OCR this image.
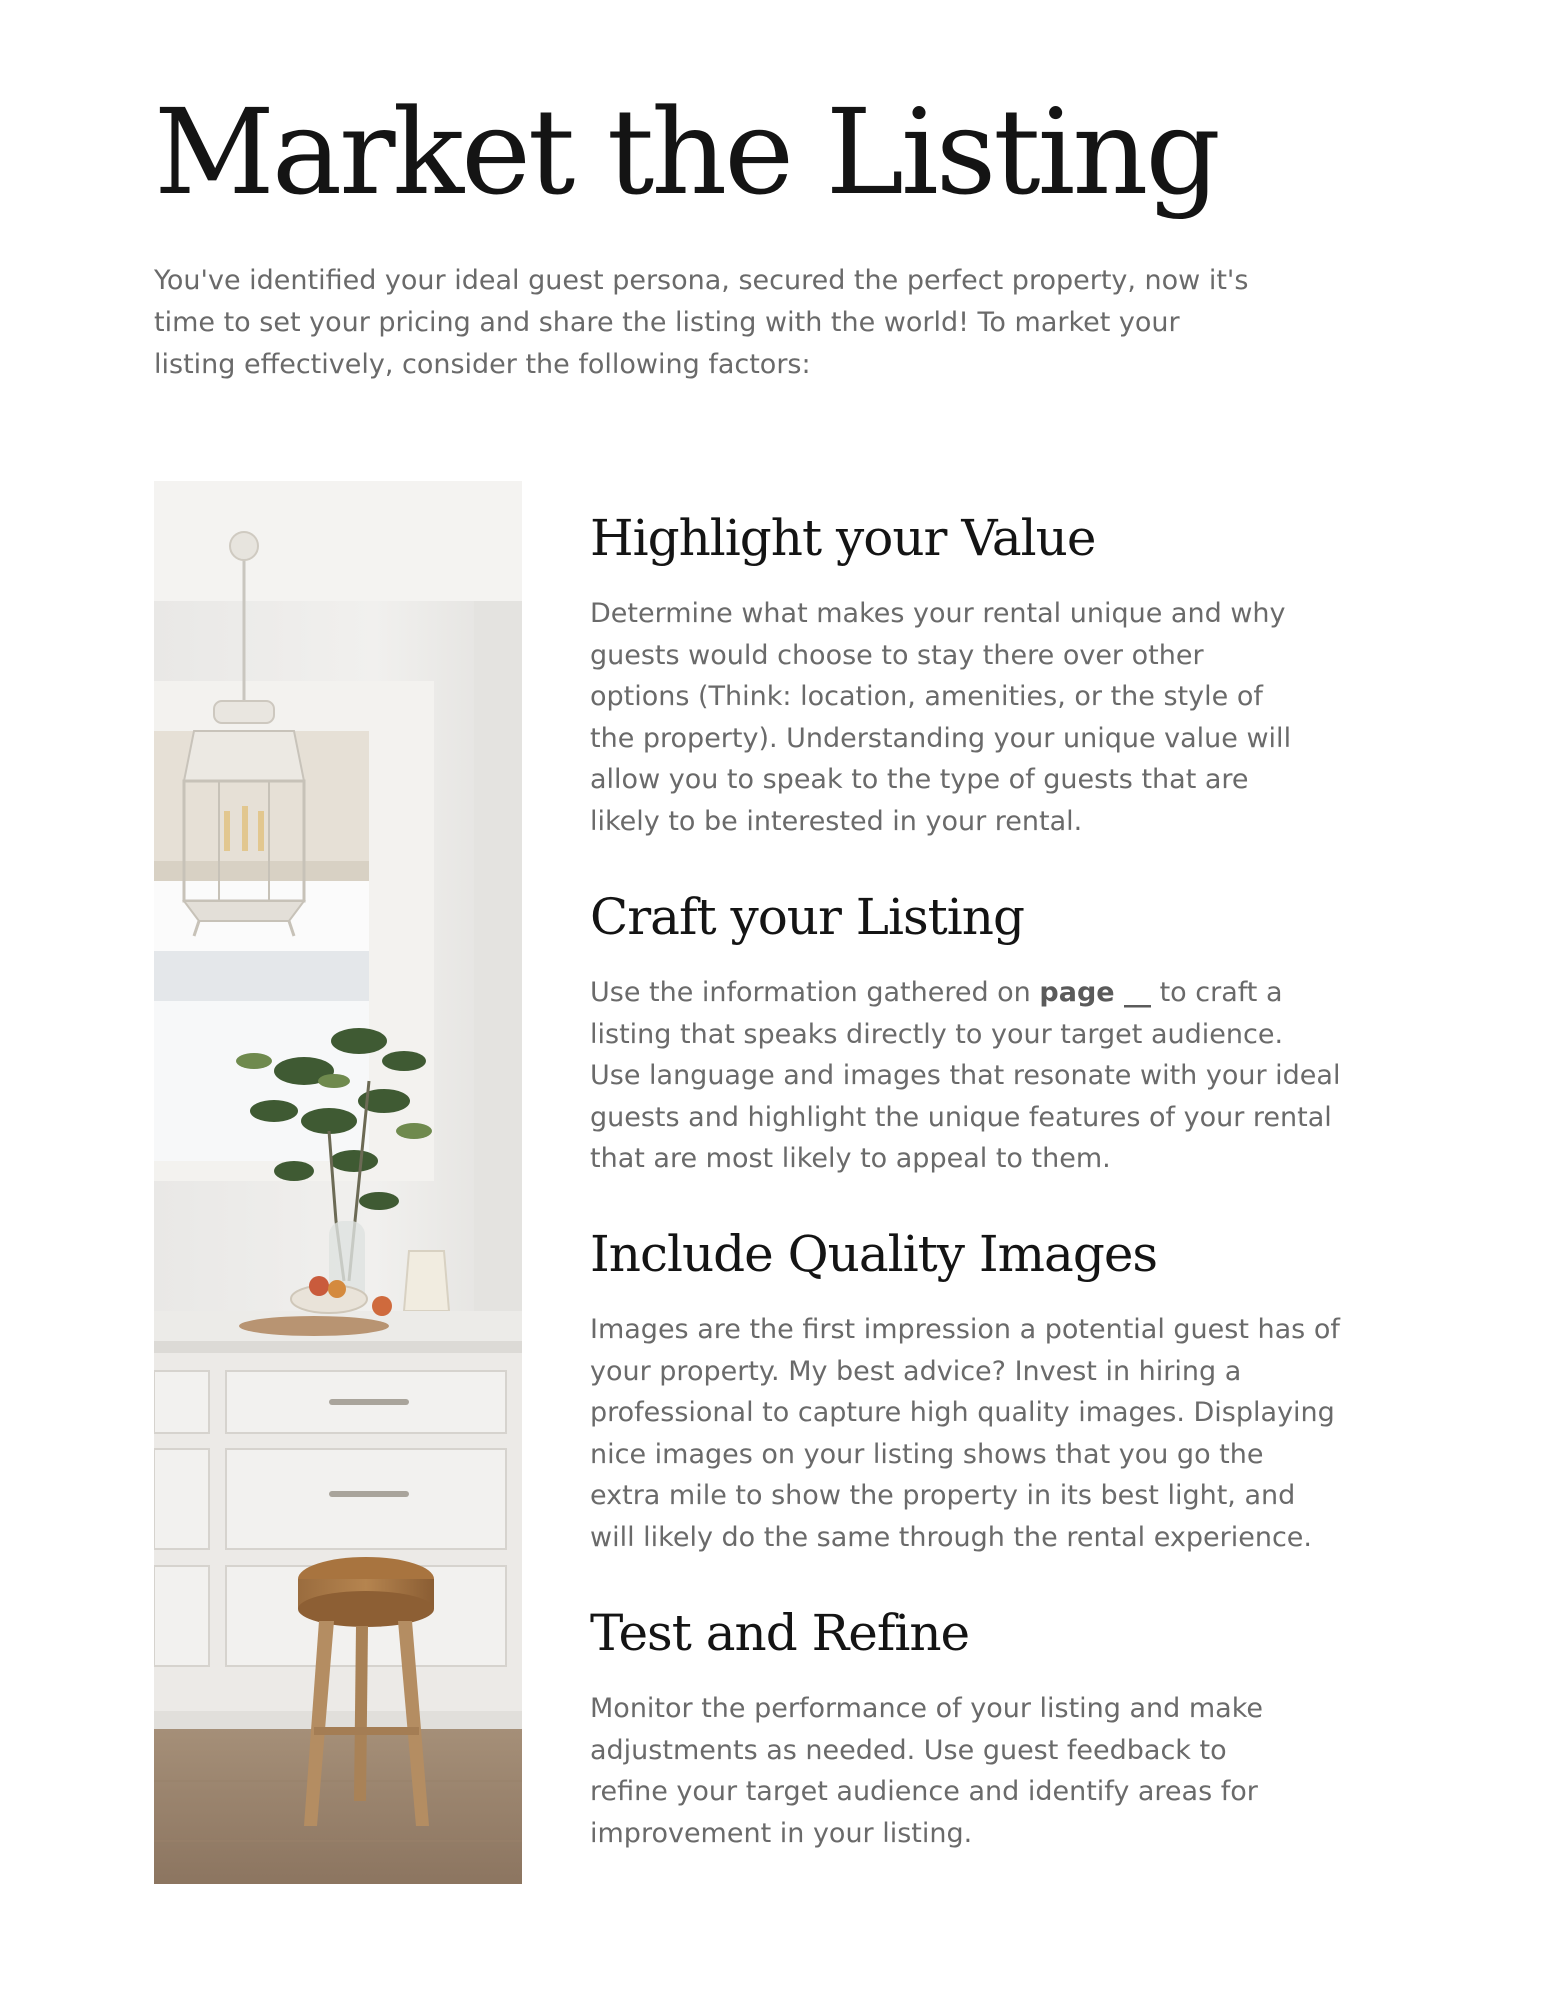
Market the Listing

You've identified your ideal guest persona, secured the perfect property, now it's
time to set your pricing and share the listing with the world! To market your
listing effectively, consider the following factors:

Highlight your Value

Determine what makes your rental unique and why
guests would choose to stay there over other
options (Think: location, amenities, or the style of
the property). Understanding your unique value will
allow you to speak to the type of guests that are
likely to be interested in your rental.

Craft your Listing

Use the information gathered on page __ to craft a
listing that speaks directly to your target audience.
Use language and images that resonate with your ideal
guests and highlight the unique features of your rental
that are most likely to appeal to them.

Include Quality Images

Images are the first impression a potential guest has of
your property. My best advice? Invest in hiring a
professional to capture high quality images. Displaying
nice images on your listing shows that you go the
extra mile to show the property in its best light, and
will likely do the same through the rental experience.

Test and Refine

Monitor the performance of your listing and make
adjustments as needed. Use guest feedback to
refine your target audience and identify areas for
improvement in your listing.
